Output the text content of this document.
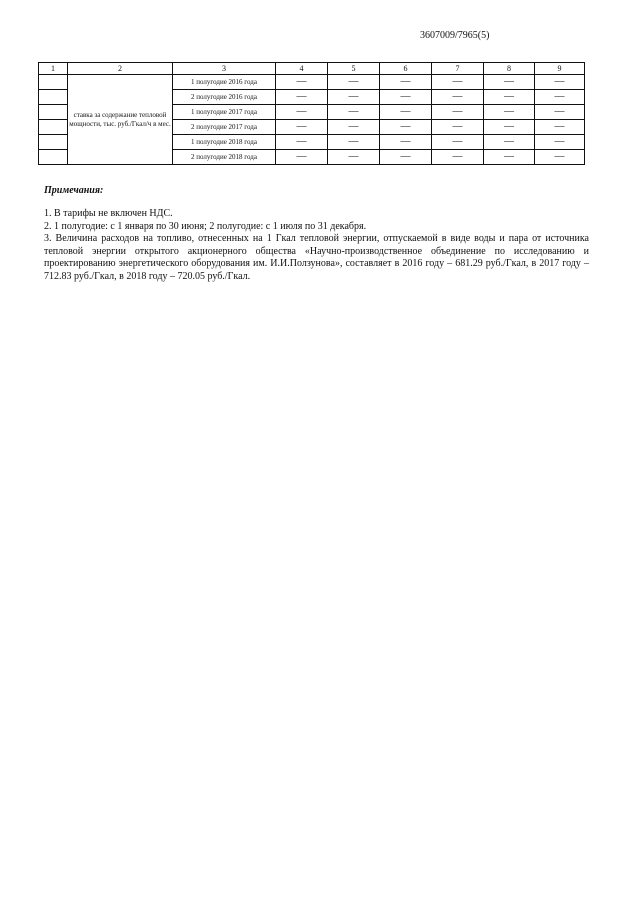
3607009/7965(5)
1	2	3	4	5	6	7	8	9
	ставка за содержание тепловой мощности, тыс. руб./Гкал/ч в мес.	1 полугодие 2016 года	—	—	—	—	—	—
		2 полугодие 2016 года	—	—	—	—	—	—
		1 полугодие 2017 года	—	—	—	—	—	—
		2 полугодие 2017 года	—	—	—	—	—	—
		1 полугодие 2018 года	—	—	—	—	—	—
		2 полугодие 2018 года	—	—	—	—	—	—
Примечания:

1. В тарифы не включен НДС.

2. 1 полугодие: с 1 января по 30 июня; 2 полугодие: с 1 июля по 31 декабря.

3. Величина расходов на топливо, отнесенных на 1 Гкал тепловой энергии, отпускаемой в виде воды и пара от источника тепловой энергии открытого акционерного общества «Научно-производственное объединение по исследованию и проектированию энергетического оборудования им. И.И.Ползунова», составляет в 2016 году – 681.29 руб./Гкал, в 2017 году – 712.83 руб./Гкал, в 2018 году – 720.05 руб./Гкал.
